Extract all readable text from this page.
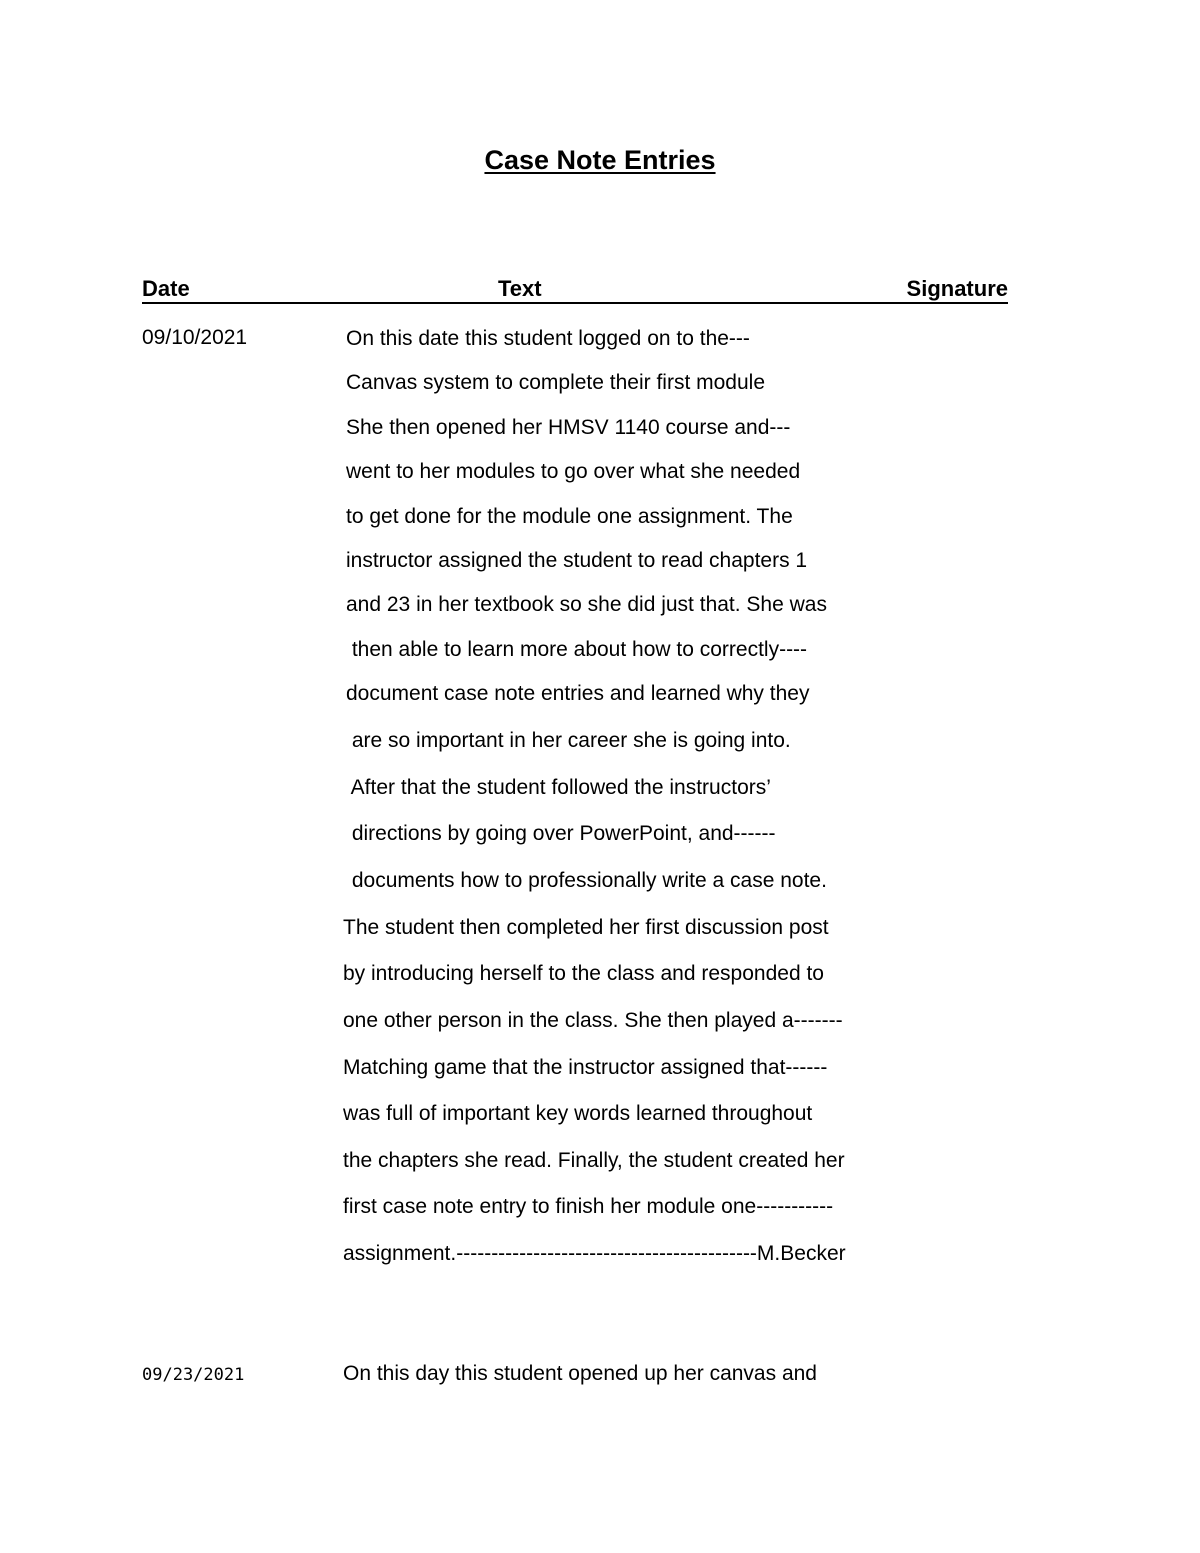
Case Note Entries
Date	Text	Signature
09/10/2021	On this date this student logged on to the---
Canvas system to complete their first module
She then opened her HMSV 1140 course and---
went to her modules to go over what she needed
to get done for the module one assignment. The
instructor assigned the student to read chapters 1
and 23 in her textbook so she did just that. She was
then able to learn more about how to correctly----
document case note entries and learned why they
are so important in her career she is going into.
After that the student followed the instructors’
directions by going over PowerPoint, and------
documents how to professionally write a case note.
The student then completed her first discussion post
by introducing herself to the class and responded to
one other person in the class. She then played a-------
Matching game that the instructor assigned that------
was full of important key words learned throughout
the chapters she read. Finally, the student created her
first case note entry to finish her module one-----------
assignment.-------------------------------------------M.Becker
09/23/2021	On this day this student opened up her canvas and
